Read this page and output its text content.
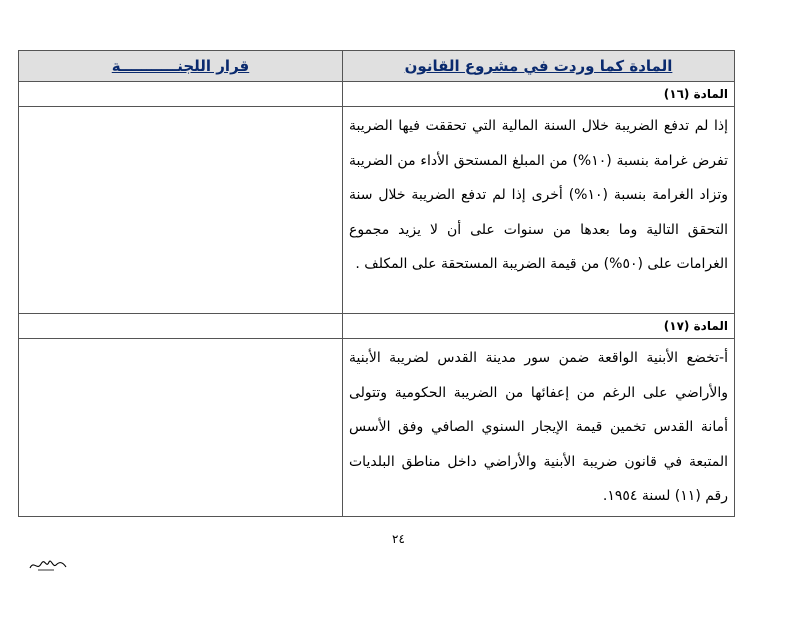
المادة كما وردت في مشروع القانون	قرار اللجنـــــــــــة
المادة (١٦)	
إذا لم تدفع الضريبة خلال السنة المالية التي تحققت فيها الضريبة تفرض غرامة بنسبة (١٠%) من المبلغ المستحق الأداء من الضريبة وتزاد الغرامة بنسبة (١٠%) أخرى إذا لم تدفع الضريبة خلال سنة التحقق التالية وما بعدها من سنوات على أن لا يزيد مجموع الغرامات على (٥٠%) من قيمة الضريبة المستحقة على المكلف .	
المادة (١٧)	
أ-تخضع الأبنية الواقعة ضمن سور مدينة القدس لضريبة الأبنية والأراضي على الرغم من إعفائها من الضريبة الحكومية وتتولى أمانة القدس تخمين قيمة الإيجار السنوي الصافي وفق الأسس المتبعة في قانون ضريبة الأبنية والأراضي داخل مناطق البلديات رقم (١١) لسنة ١٩٥٤.	
٢٤
